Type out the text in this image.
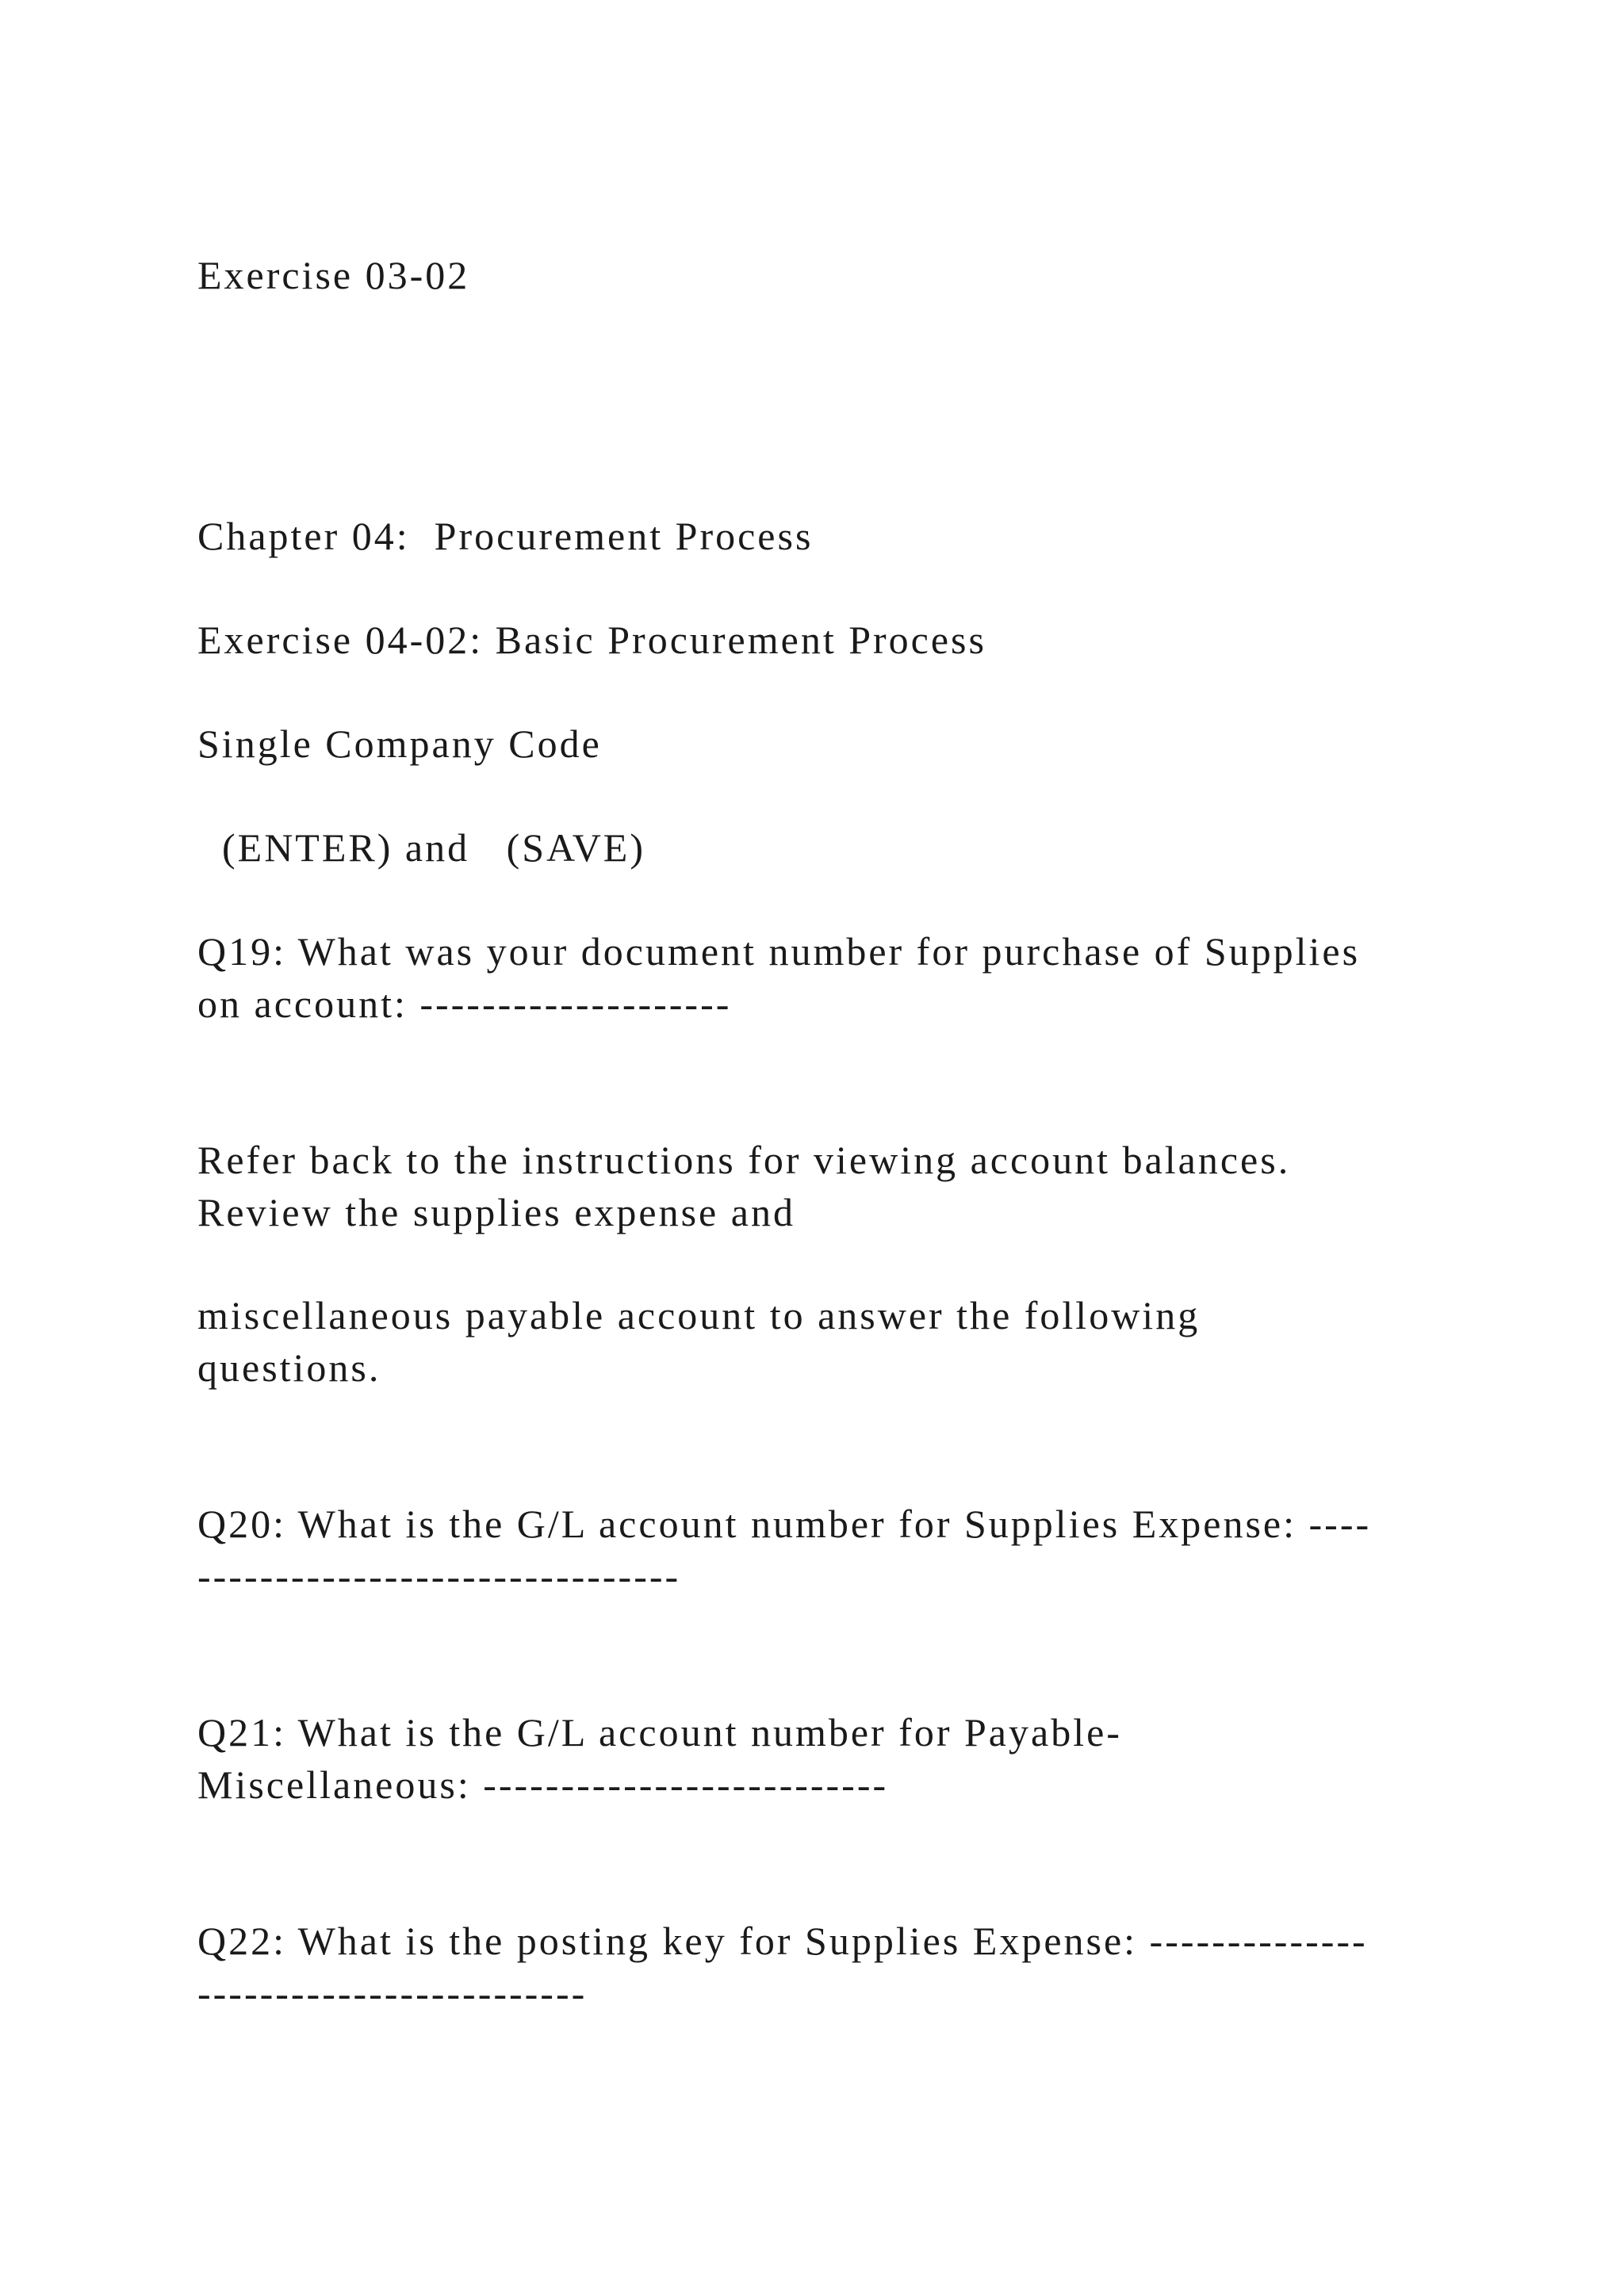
Exercise 03-02

Chapter 04:  Procurement Process

Exercise 04-02: Basic Procurement Process

Single Company Code

(ENTER) and   (SAVE)

Q19: What was your document number for purchase of Supplies

on account: --------------------

Refer back to the instructions for viewing account balances.

Review the supplies expense and

miscellaneous payable account to answer the following

questions.

Q20: What is the G/L account number for Supplies Expense: ----

-------------------------------

Q21: What is the G/L account number for Payable-

Miscellaneous: --------------------------

Q22: What is the posting key for Supplies Expense: --------------

-------------------------
